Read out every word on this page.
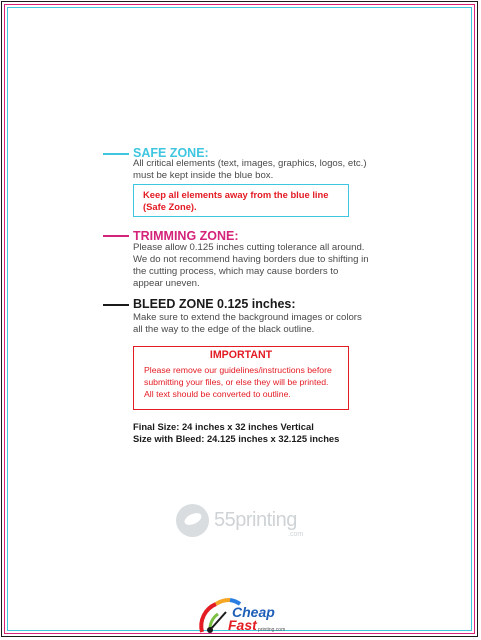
SAFE ZONE:
All critical elements (text, images, graphics, logos, etc.)
must be kept inside the blue box.
Keep all elements away from the blue line
(Safe Zone).
TRIMMING ZONE:
Please allow 0.125 inches cutting tolerance all around.
We do not recommend having borders due to shifting in
the cutting process, which may cause borders to
appear uneven.
BLEED ZONE 0.125 inches:
Make sure to extend the background images or colors
all the way to the edge of the black outline.
IMPORTANT
Please remove our guidelines/instructions before
submitting your files, or else they will be printed.
All text should be converted to outline.
Final Size: 24 inches x 32 inches Vertical
Size with Bleed: 24.125 inches x 32.125 inches
55printing
.com
Cheap
Fast printing.com
